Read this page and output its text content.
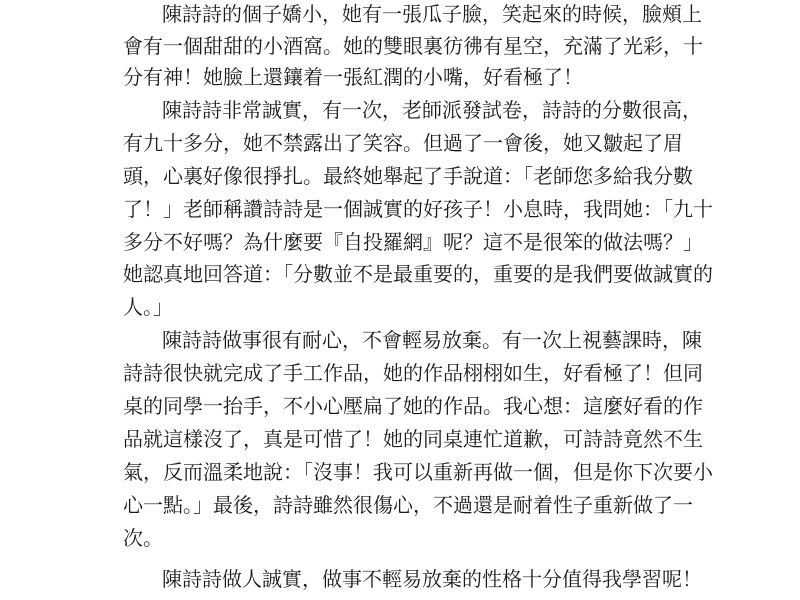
陳詩詩的個子嬌小，她有一張瓜子臉，笑起來的時候，臉頰上
會有一個甜甜的小酒窩。她的雙眼裏彷彿有星空，充滿了光彩，十
分有神！她臉上還鑲着一張紅潤的小嘴，好看極了！
陳詩詩非常誠實，有一次，老師派發試卷，詩詩的分數很高，
有九十多分，她不禁露出了笑容。但過了一會後，她又皺起了眉
頭，心裏好像很掙扎。最終她舉起了手說道：「老師您多給我分數
了！」老師稱讚詩詩是一個誠實的好孩子！小息時，我問她：「九十
多分不好嗎？為什麼要『自投羅網』呢？這不是很笨的做法嗎？」
她認真地回答道：「分數並不是最重要的，重要的是我們要做誠實的
人。」
陳詩詩做事很有耐心，不會輕易放棄。有一次上視藝課時，陳
詩詩很快就完成了手工作品，她的作品栩栩如生，好看極了！但同
桌的同學一抬手，不小心壓扁了她的作品。我心想：這麼好看的作
品就這樣沒了，真是可惜了！她的同桌連忙道歉，可詩詩竟然不生
氣，反而溫柔地說：「沒事！我可以重新再做一個，但是你下次要小
心一點。」最後，詩詩雖然很傷心，不過還是耐着性子重新做了一
次。
陳詩詩做人誠實，做事不輕易放棄的性格十分值得我學習呢！
